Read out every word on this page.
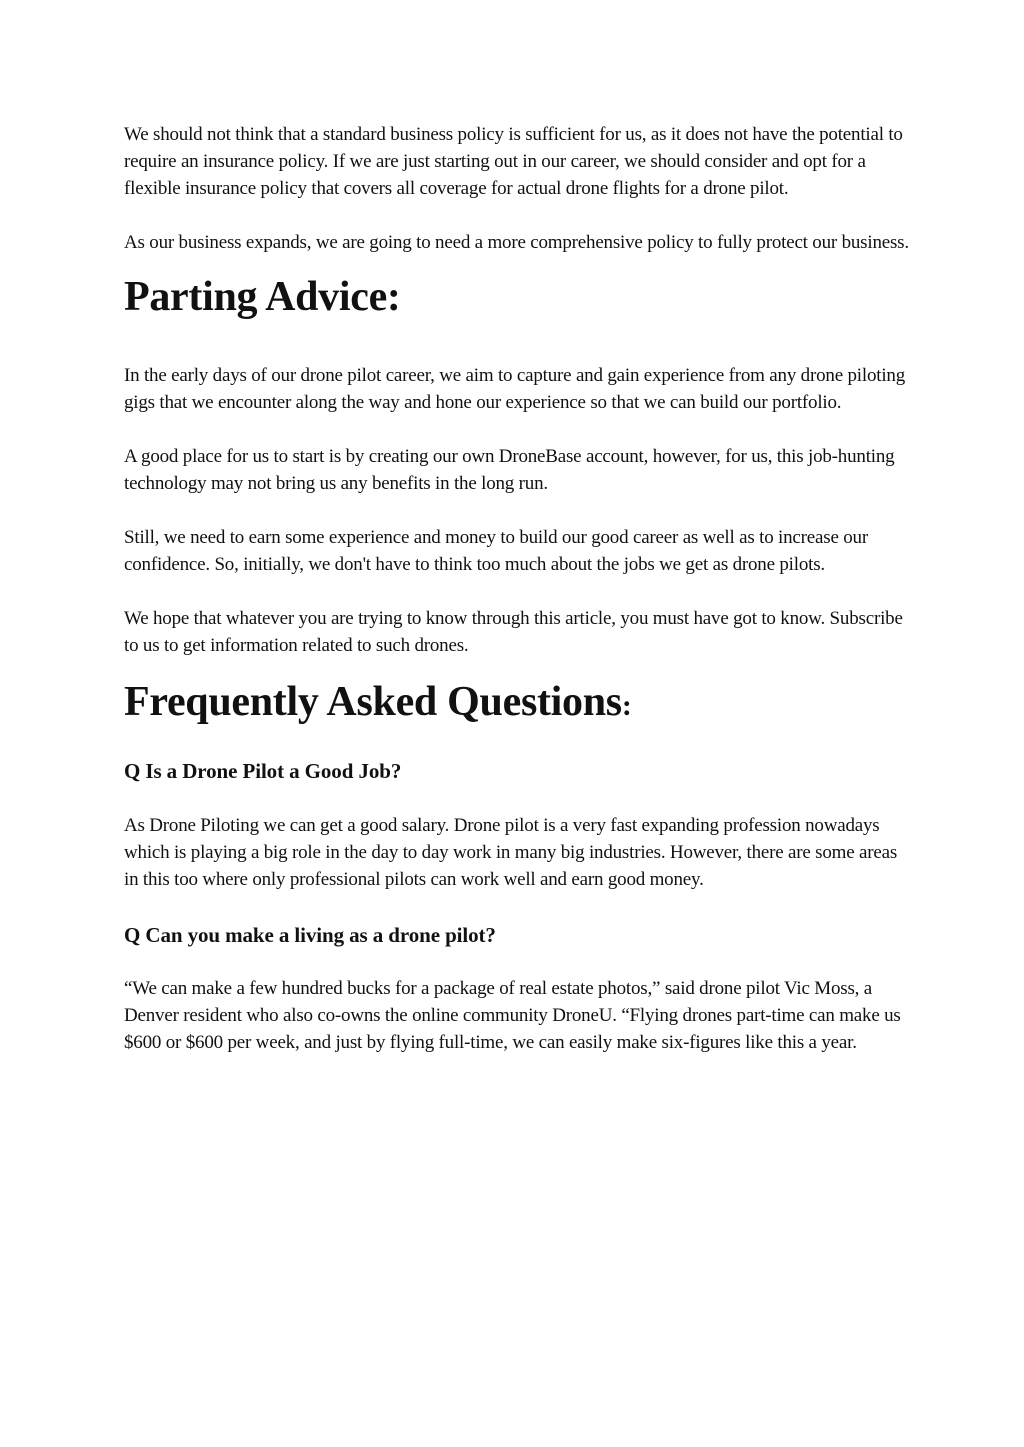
We should not think that a standard business policy is sufficient for us, as it does not have the potential to require an insurance policy. If we are just starting out in our career, we should consider and opt for a flexible insurance policy that covers all coverage for actual drone flights for a drone pilot.

As our business expands, we are going to need a more comprehensive policy to fully protect our business.

Parting Advice:

In the early days of our drone pilot career, we aim to capture and gain experience from any drone piloting gigs that we encounter along the way and hone our experience so that we can build our portfolio.

A good place for us to start is by creating our own DroneBase account, however, for us, this job-hunting technology may not bring us any benefits in the long run.

Still, we need to earn some experience and money to build our good career as well as to increase our confidence. So, initially, we don't have to think too much about the jobs we get as drone pilots.

We hope that whatever you are trying to know through this article, you must have got to know. Subscribe to us to get information related to such drones.

Frequently Asked Questions:
Q Is a Drone Pilot a Good Job?

As Drone Piloting we can get a good salary. Drone pilot is a very fast expanding profession nowadays which is playing a big role in the day to day work in many big industries. However, there are some areas in this too where only professional pilots can work well and earn good money.

Q Can you make a living as a drone pilot?

“We can make a few hundred bucks for a package of real estate photos,” said drone pilot Vic Moss, a Denver resident who also co-owns the online community DroneU. “Flying drones part-time can make us $600 or $600 per week, and just by flying full-time, we can easily make six-figures like this a year.
